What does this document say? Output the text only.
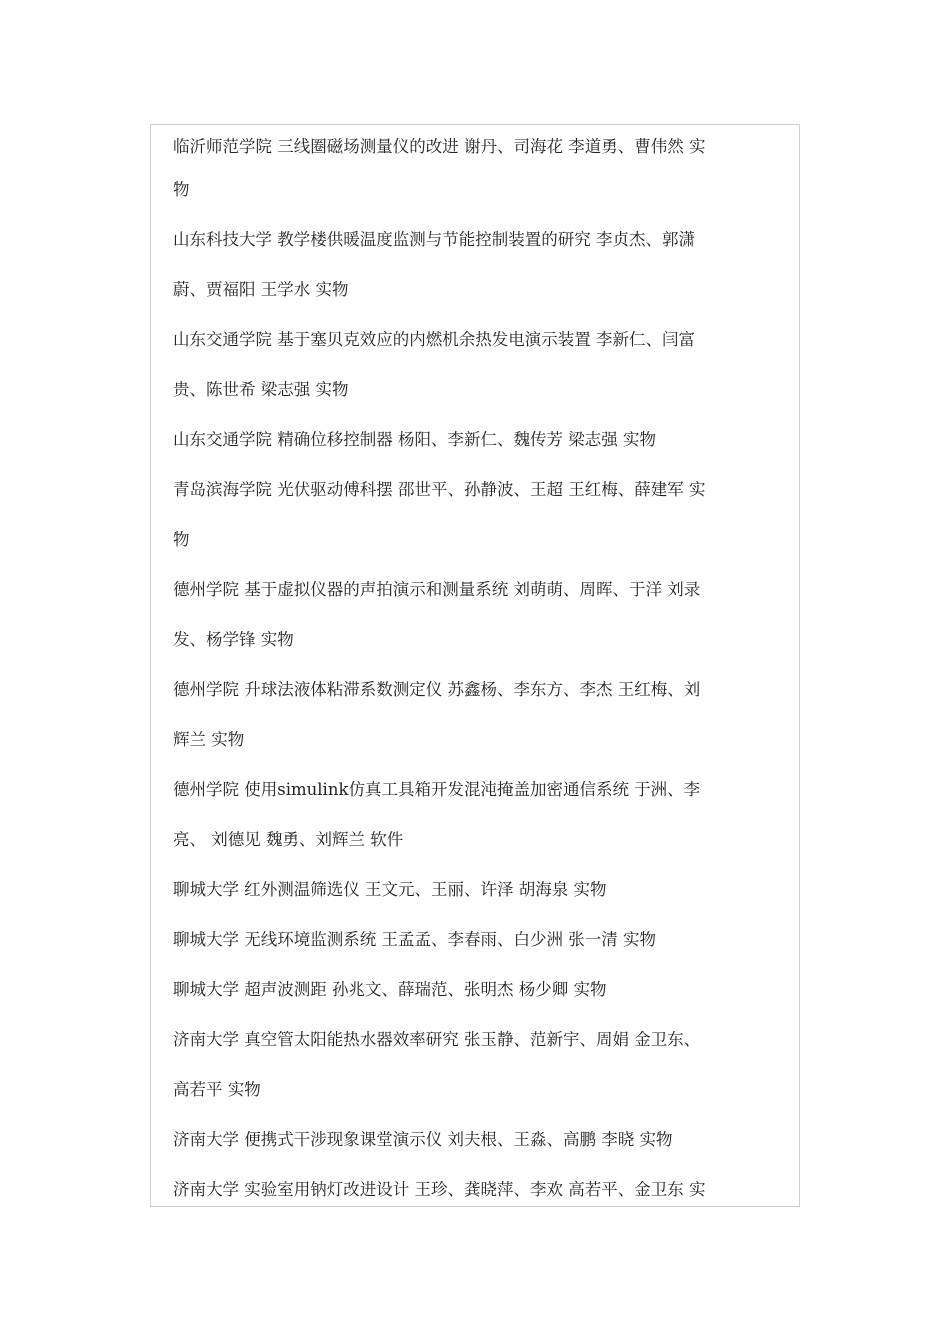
临沂师范学院 三线圈磁场测量仪的改进 谢丹、司海花 李道勇、曹伟然 实
物
山东科技大学 教学楼供暖温度监测与节能控制装置的研究 李贞杰、郭潇
蔚、贾福阳 王学水 实物
山东交通学院 基于塞贝克效应的内燃机余热发电演示装置 李新仁、闫富
贵、陈世希 梁志强 实物
山东交通学院 精确位移控制器 杨阳、李新仁、魏传芳 梁志强 实物
青岛滨海学院 光伏驱动傅科摆 邵世平、孙静波、王超 王红梅、薛建军 实
物
德州学院 基于虚拟仪器的声拍演示和测量系统 刘萌萌、周晖、于洋 刘录
发、杨学锋 实物
德州学院 升球法液体粘滞系数测定仪 苏鑫杨、李东方、李杰 王红梅、刘
辉兰 实物
德州学院 使用simulink仿真工具箱开发混沌掩盖加密通信系统 于洲、李
亮、 刘德见 魏勇、刘辉兰 软件
聊城大学 红外测温筛选仪 王文元、王丽、许泽 胡海泉 实物
聊城大学 无线环境监测系统 王孟孟、李春雨、白少洲 张一清 实物
聊城大学 超声波测距 孙兆文、薛瑞范、张明杰 杨少卿 实物
济南大学 真空管太阳能热水器效率研究 张玉静、范新宇、周娟 金卫东、
高若平 实物
济南大学 便携式干涉现象课堂演示仪 刘夫根、王淼、高鹏 李晓 实物
济南大学 实验室用钠灯改进设计 王珍、龚晓萍、李欢 高若平、金卫东 实
